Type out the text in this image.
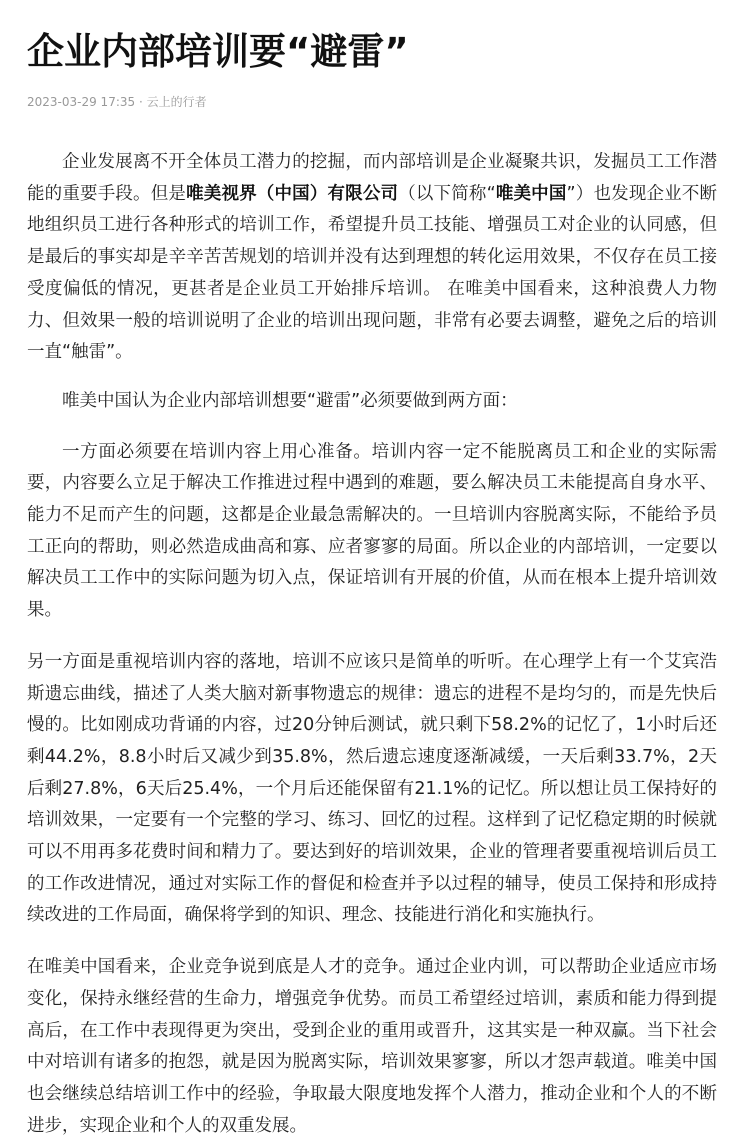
企业内部培训要“避雷”
2023-03-29 17:35 · 云上的行者

企业发展离不开全体员工潜力的挖掘，而内部培训是企业凝聚共识，发掘员工工作潜能的重要手段。但是唯美视界（中国）有限公司（以下简称“唯美中国”）也发现企业不断地组织员工进行各种形式的培训工作，希望提升员工技能、增强员工对企业的认同感，但是最后的事实却是辛辛苦苦规划的培训并没有达到理想的转化运用效果，不仅存在员工接受度偏低的情况，更甚者是企业员工开始排斥培训。 在唯美中国看来，这种浪费人力物力、但效果一般的培训说明了企业的培训出现问题，非常有必要去调整，避免之后的培训一直“触雷”。

唯美中国认为企业内部培训想要“避雷”必须要做到两方面：

一方面必须要在培训内容上用心准备。培训内容一定不能脱离员工和企业的实际需要，内容要么立足于解决工作推进过程中遇到的难题，要么解决员工未能提高自身水平、能力不足而产生的问题，这都是企业最急需解决的。一旦培训内容脱离实际，不能给予员工正向的帮助，则必然造成曲高和寡、应者寥寥的局面。所以企业的内部培训，一定要以解决员工工作中的实际问题为切入点，保证培训有开展的价值，从而在根本上提升培训效果。

另一方面是重视培训内容的落地，培训不应该只是简单的听听。在心理学上有一个艾宾浩斯遗忘曲线，描述了人类大脑对新事物遗忘的规律：遗忘的进程不是均匀的，而是先快后慢的。比如刚成功背诵的内容，过20分钟后测试，就只剩下58.2%的记忆了，1小时后还剩44.2%，8.8小时后又减少到35.8%，然后遗忘速度逐渐减缓，一天后剩33.7%，2天后剩27.8%，6天后25.4%，一个月后还能保留有21.1%的记忆。所以想让员工保持好的培训效果，一定要有一个完整的学习、练习、回忆的过程。这样到了记忆稳定期的时候就可以不用再多花费时间和精力了。要达到好的培训效果，企业的管理者要重视培训后员工的工作改进情况，通过对实际工作的督促和检查并予以过程的辅导，使员工保持和形成持续改进的工作局面，确保将学到的知识、理念、技能进行消化和实施执行。

在唯美中国看来，企业竞争说到底是人才的竞争。通过企业内训，可以帮助企业适应市场变化，保持永继经营的生命力，增强竞争优势。而员工希望经过培训，素质和能力得到提高后，在工作中表现得更为突出，受到企业的重用或晋升，这其实是一种双赢。当下社会中对培训有诸多的抱怨，就是因为脱离实际，培训效果寥寥，所以才怨声载道。唯美中国也会继续总结培训工作中的经验，争取最大限度地发挥个人潜力，推动企业和个人的不断进步，实现企业和个人的双重发展。
